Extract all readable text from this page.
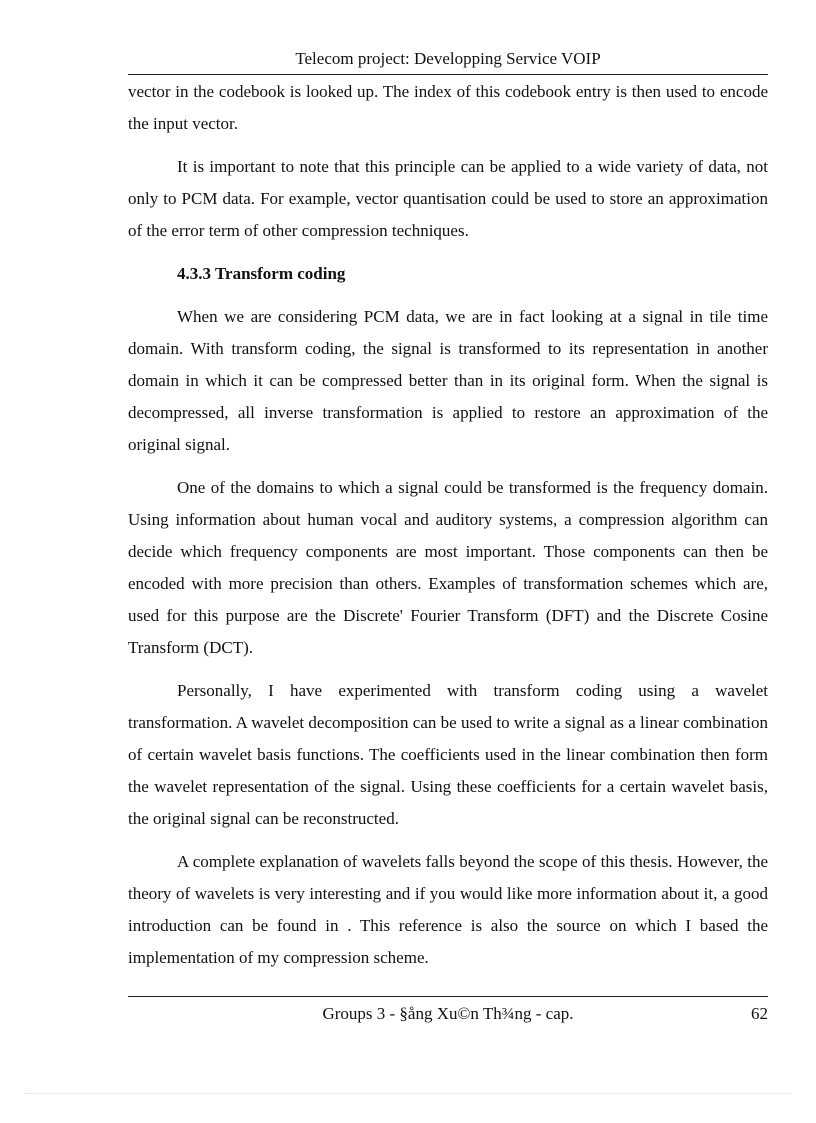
Telecom project: Developping Service VOIP

vector in the codebook is looked up. The index of this codebook entry is then used to encode the input vector.

It is important to note that this principle can be applied to a wide variety of data, not only to PCM data. For example, vector quantisation could be used to store an approximation of the error term of other compression techniques.

4.3.3 Transform coding

When we are considering PCM data, we are in fact looking at a signal in tile time domain. With transform coding, the signal is transformed to its representation in another domain in which it can be compressed better than in its original form. When the signal is decompressed, all inverse transformation is applied to restore an approximation of the original signal.

One of the domains to which a signal could be transformed is the frequency domain. Using information about human vocal and auditory systems, a compression algorithm can decide which frequency components are most important. Those components can then be encoded with more precision than others. Examples of transformation schemes which are, used for this purpose are the Discrete' Fourier Transform (DFT) and the Discrete Cosine Transform (DCT).

Personally, I have experimented with transform coding using a wavelet transformation. A wavelet decomposition can be used to write a signal as a linear combination of certain wavelet basis functions. The coefficients used in the linear combination then form the wavelet representation of the signal. Using these coefficients for a certain wavelet basis, the original signal can be reconstructed.

A complete explanation of wavelets falls beyond the scope of this thesis. However, the theory of wavelets is very interesting and if you would like more information about it, a good introduction can be found in . This reference is also the source on which I based the implementation of my compression scheme.

Groups 3 - §ång Xu©n Th¾ng - cap.	62
